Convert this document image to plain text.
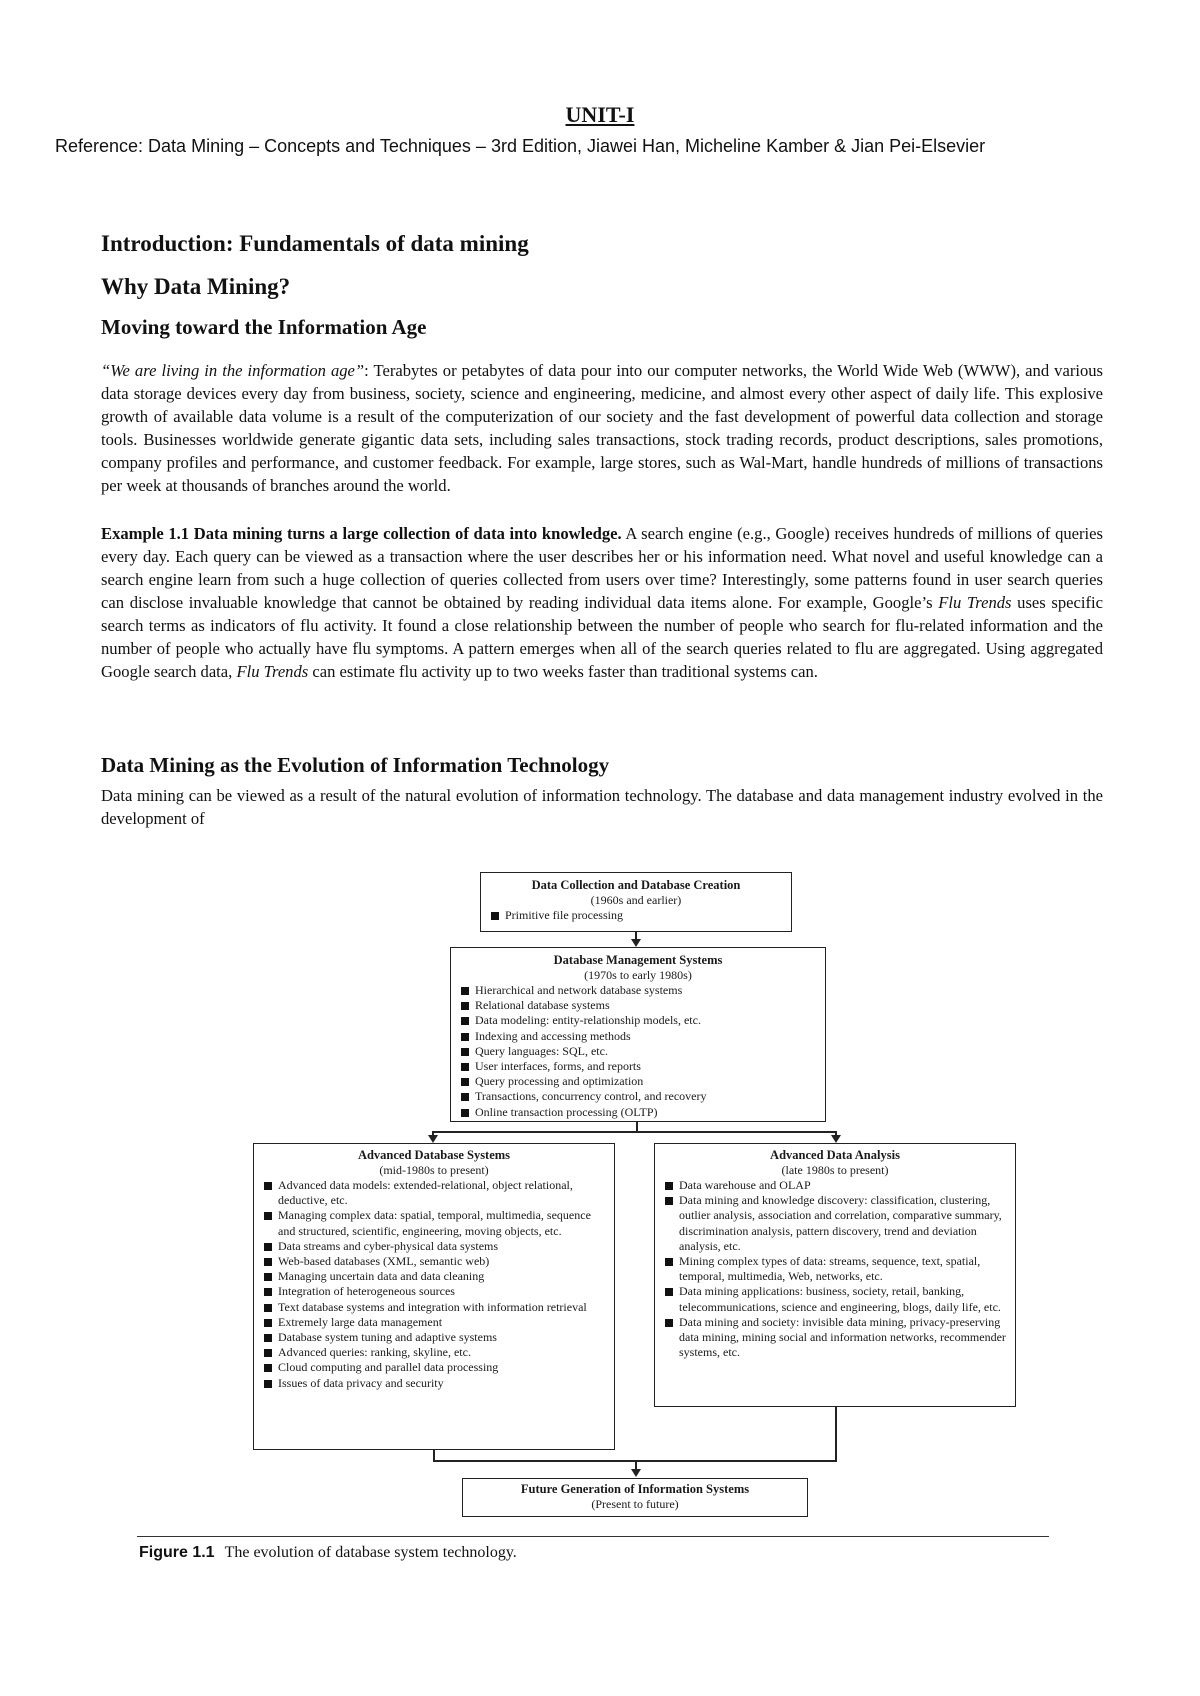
UNIT-I
Reference: Data Mining – Concepts and Techniques – 3rd Edition, Jiawei Han, Micheline Kamber & Jian Pei-Elsevier
Introduction: Fundamentals of data mining
Why Data Mining?
Moving toward the Information Age
“We are living in the information age”: Terabytes or petabytes of data pour into our computer networks, the World Wide Web (WWW), and various data storage devices every day from business, society, science and engineering, medicine, and almost every other aspect of daily life. This explosive growth of available data volume is a result of the computerization of our society and the fast development of powerful data collection and storage tools. Businesses worldwide generate gigantic data sets, including sales transactions, stock trading records, product descriptions, sales promotions, company profiles and performance, and customer feedback. For example, large stores, such as Wal-Mart, handle hundreds of millions of transactions per week at thousands of branches around the world.
Example 1.1 Data mining turns a large collection of data into knowledge. A search engine (e.g., Google) receives hundreds of millions of queries every day. Each query can be viewed as a transaction where the user describes her or his information need. What novel and useful knowledge can a search engine learn from such a huge collection of queries collected from users over time? Interestingly, some patterns found in user search queries can disclose invaluable knowledge that cannot be obtained by reading individual data items alone. For example, Google’s Flu Trends uses specific search terms as indicators of flu activity. It found a close relationship between the number of people who search for flu-related information and the number of people who actually have flu symptoms. A pattern emerges when all of the search queries related to flu are aggregated. Using aggregated Google search data, Flu Trends can estimate flu activity up to two weeks faster than traditional systems can.
Data Mining as the Evolution of Information Technology
Data mining can be viewed as a result of the natural evolution of information technology. The database and data management industry evolved in the development of
Data Collection and Database Creation
(1960s and earlier)
Primitive file processing
Database Management Systems
(1970s to early 1980s)
Hierarchical and network database systems
Relational database systems
Data modeling: entity-relationship models, etc.
Indexing and accessing methods
Query languages: SQL, etc.
User interfaces, forms, and reports
Query processing and optimization
Transactions, concurrency control, and recovery
Online transaction processing (OLTP)
Advanced Database Systems
(mid-1980s to present)
Advanced data models: extended-relational, object relational, deductive, etc.
Managing complex data: spatial, temporal, multimedia, sequence and structured, scientific, engineering, moving objects, etc.
Data streams and cyber-physical data systems
Web-based databases (XML, semantic web)
Managing uncertain data and data cleaning
Integration of heterogeneous sources
Text database systems and integration with information retrieval
Extremely large data management
Database system tuning and adaptive systems
Advanced queries: ranking, skyline, etc.
Cloud computing and parallel data processing
Issues of data privacy and security
Advanced Data Analysis
(late 1980s to present)
Data warehouse and OLAP
Data mining and knowledge discovery: classification, clustering, outlier analysis, association and correlation, comparative summary, discrimination analysis, pattern discovery, trend and deviation analysis, etc.
Mining complex types of data: streams, sequence, text, spatial, temporal, multimedia, Web, networks, etc.
Data mining applications: business, society, retail, banking, telecommunications, science and engineering, blogs, daily life, etc.
Data mining and society: invisible data mining, privacy-preserving data mining, mining social and information networks, recommender systems, etc.
Future Generation of Information Systems
(Present to future)
Figure 1.1 The evolution of database system technology.
